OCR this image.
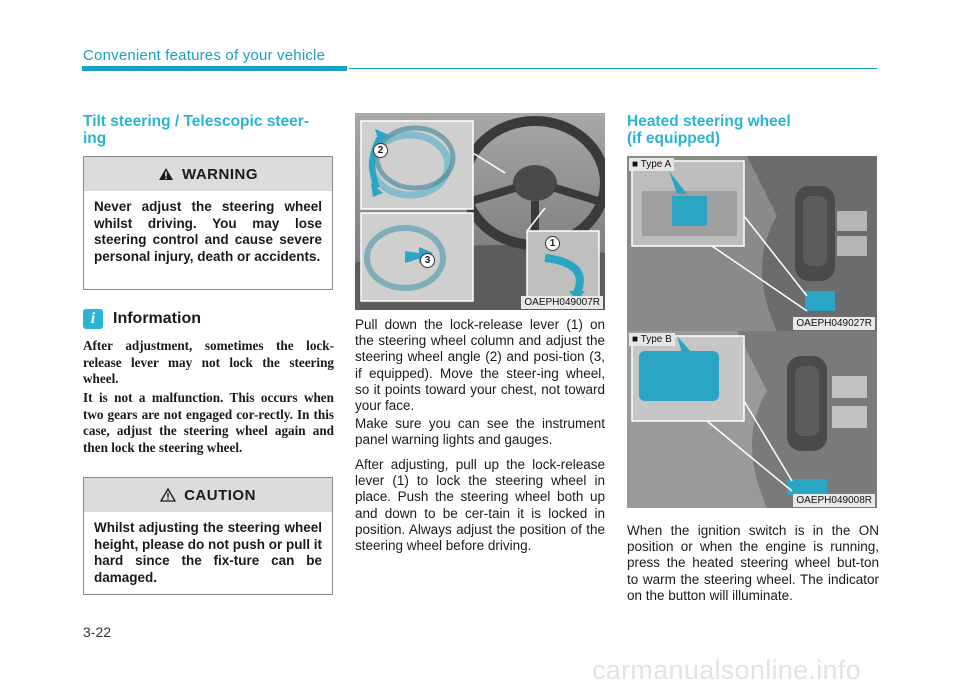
Convenient features of your vehicle
Tilt steering / Telescopic steer-
ing
WARNING
Never adjust the steering wheel whilst driving. You may lose steering control and cause severe personal injury, death or accidents.
i	Information
After adjustment, sometimes the lock-release lever may not lock the steering wheel.
It is not a malfunction. This occurs when two gears are not engaged cor-rectly. In this case, adjust the steering wheel again and then lock the steering wheel.
CAUTION
Whilst adjusting the steering wheel height, please do not push or pull it hard since the fix-ture can be damaged.
2
3
1
OAEPH049007R
Pull down the lock-release lever (1) on the steering wheel column and adjust the steering wheel angle (2) and posi-tion (3, if equipped). Move the steer-ing wheel, so it points toward your chest, not toward your face.
Make sure you can see the instrument panel warning lights and gauges.
After adjusting, pull up the lock-release lever (1) to lock the steering wheel in place. Push the steering wheel both up and down to be cer-tain it is locked in position. Always adjust the position of the steering wheel before driving.
Heated steering wheel
(if equipped)
■ Type A
OAEPH049027R
■ Type B
OAEPH049008R
When the ignition switch is in the ON position or when the engine is running, press the heated steering wheel but-ton to warm the steering wheel. The indicator on the button will illuminate.
3-22
carmanualsonline.info
